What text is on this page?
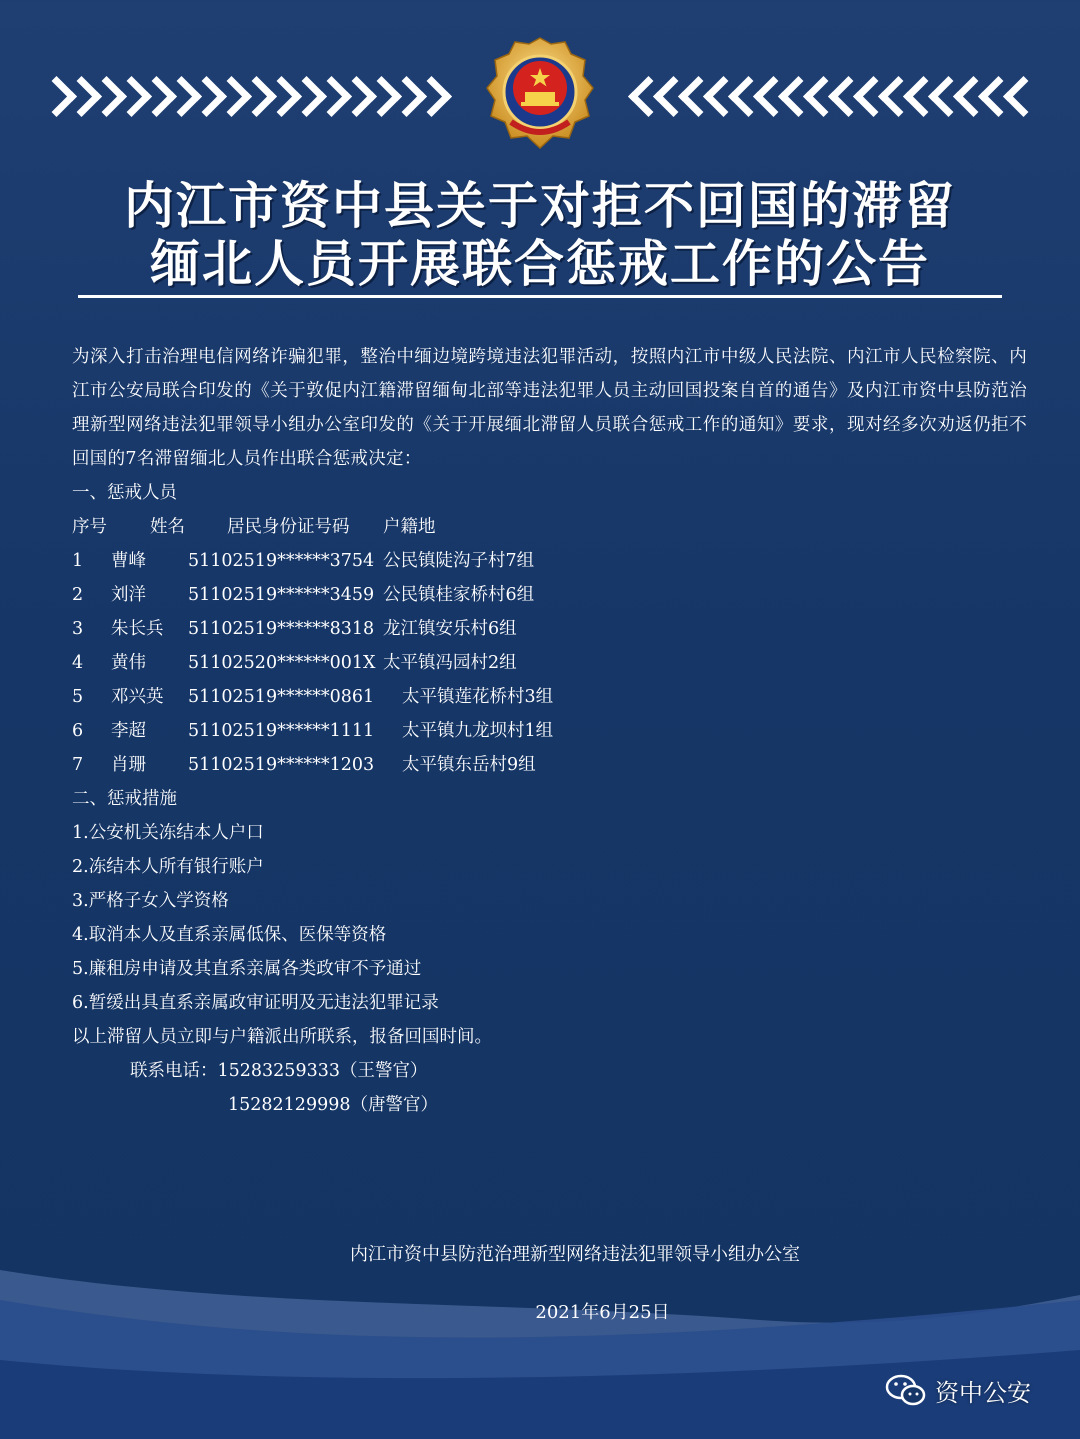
内江市资中县关于对拒不回国的滞留
缅北人员开展联合惩戒工作的公告

为深入打击治理电信网络诈骗犯罪，整治中缅边境跨境违法犯罪活动，按照内江市中级人民法院、内江市人民检察院、内江市公安局联合印发的《关于敦促内江籍滞留缅甸北部等违法犯罪人员主动回国投案自首的通告》及内江市资中县防范治理新型网络违法犯罪领导小组办公室印发的《关于开展缅北滞留人员联合惩戒工作的通知》要求，现对经多次劝返仍拒不回国的7名滞留缅北人员作出联合惩戒决定：

一、惩戒人员

序号	姓名	居民身份证号码	户籍地
1	曹峰	51102519******3754 公民镇陡沟子村7组
2	刘洋	51102519******3459 公民镇桂家桥村6组
3	朱长兵	51102519******8318 龙江镇安乐村6组
4	黄伟	51102520******001X 太平镇冯园村2组
5	邓兴英	51102519******0861	太平镇莲花桥村3组
6	李超	51102519******1111	太平镇九龙坝村1组
7	肖珊	51102519******1203	太平镇东岳村9组

二、惩戒措施

1.公安机关冻结本人户口

2.冻结本人所有银行账户

3.严格子女入学资格

4.取消本人及直系亲属低保、医保等资格

5.廉租房申请及其直系亲属各类政审不予通过

6.暂缓出具直系亲属政审证明及无违法犯罪记录

以上滞留人员立即与户籍派出所联系，报备回国时间。

联系电话：15283259333（王警官）

15282129998（唐警官）

内江市资中县防范治理新型网络违法犯罪领导小组办公室
2021年6月25日
资中公安
